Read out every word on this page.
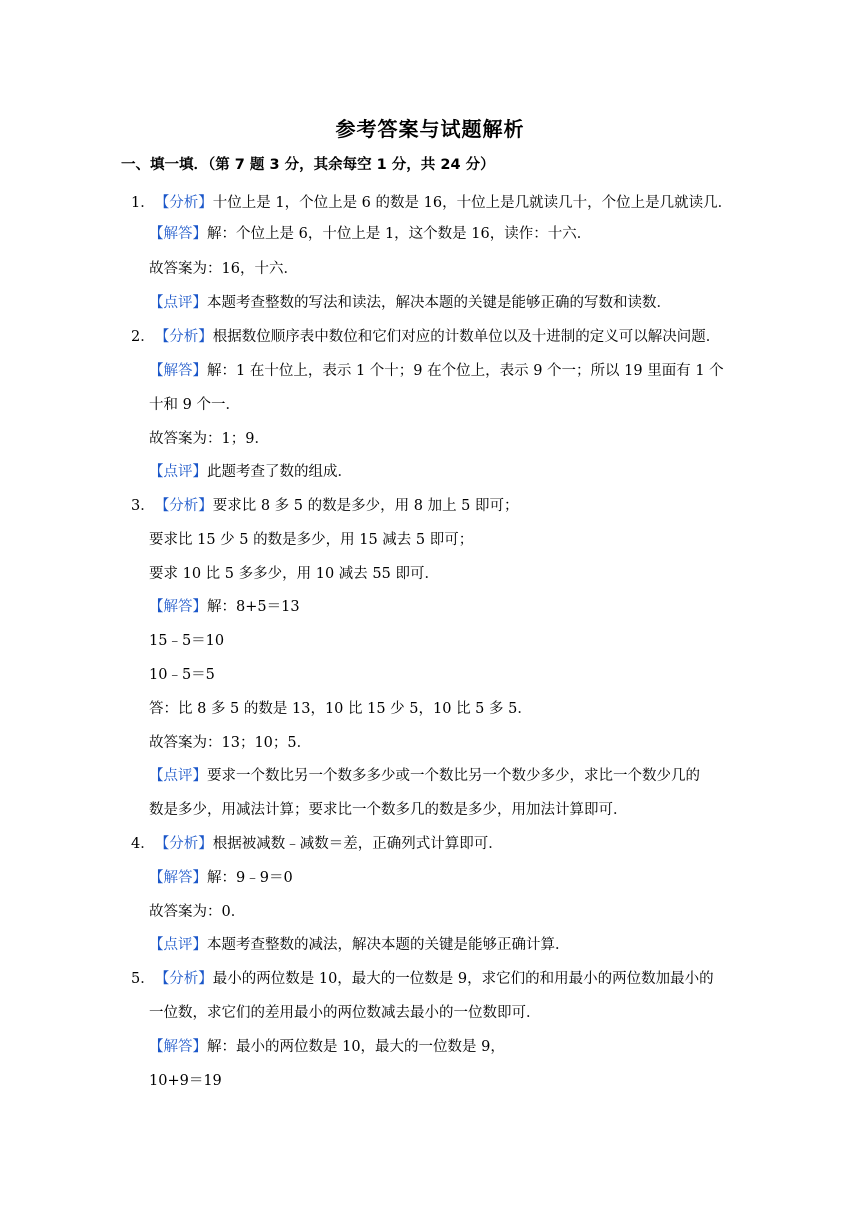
参考答案与试题解析
一、填一填．（第 7 题 3 分，其余每空 1 分，共 24 分）
1．【分析】十位上是 1，个位上是 6 的数是 16，十位上是几就读几十，个位上是几就读几．
【解答】解：个位上是 6，十位上是 1，这个数是 16，读作：十六．
故答案为：16，十六．
【点评】本题考查整数的写法和读法，解决本题的关键是能够正确的写数和读数．
2．【分析】根据数位顺序表中数位和它们对应的计数单位以及十进制的定义可以解决问题．
【解答】解：1 在十位上，表示 1 个十；9 在个位上，表示 9 个一；所以 19 里面有 1 个
十和 9 个一．
故答案为：1；9．
【点评】此题考查了数的组成．
3．【分析】要求比 8 多 5 的数是多少，用 8 加上 5 即可；
要求比 15 少 5 的数是多少，用 15 减去 5 即可；
要求 10 比 5 多多少，用 10 减去 55 即可．
【解答】解：8+5＝13
15﹣5＝10
10﹣5＝5
答：比 8 多 5 的数是 13，10 比 15 少 5，10 比 5 多 5．
故答案为：13；10；5．
【点评】要求一个数比另一个数多多少或一个数比另一个数少多少，求比一个数少几的
数是多少，用减法计算；要求比一个数多几的数是多少，用加法计算即可．
4．【分析】根据被减数﹣减数＝差，正确列式计算即可．
【解答】解：9﹣9＝0
故答案为：0．
【点评】本题考查整数的减法，解决本题的关键是能够正确计算．
5．【分析】最小的两位数是 10，最大的一位数是 9，求它们的和用最小的两位数加最小的
一位数，求它们的差用最小的两位数减去最小的一位数即可．
【解答】解：最小的两位数是 10，最大的一位数是 9，
10+9＝19
